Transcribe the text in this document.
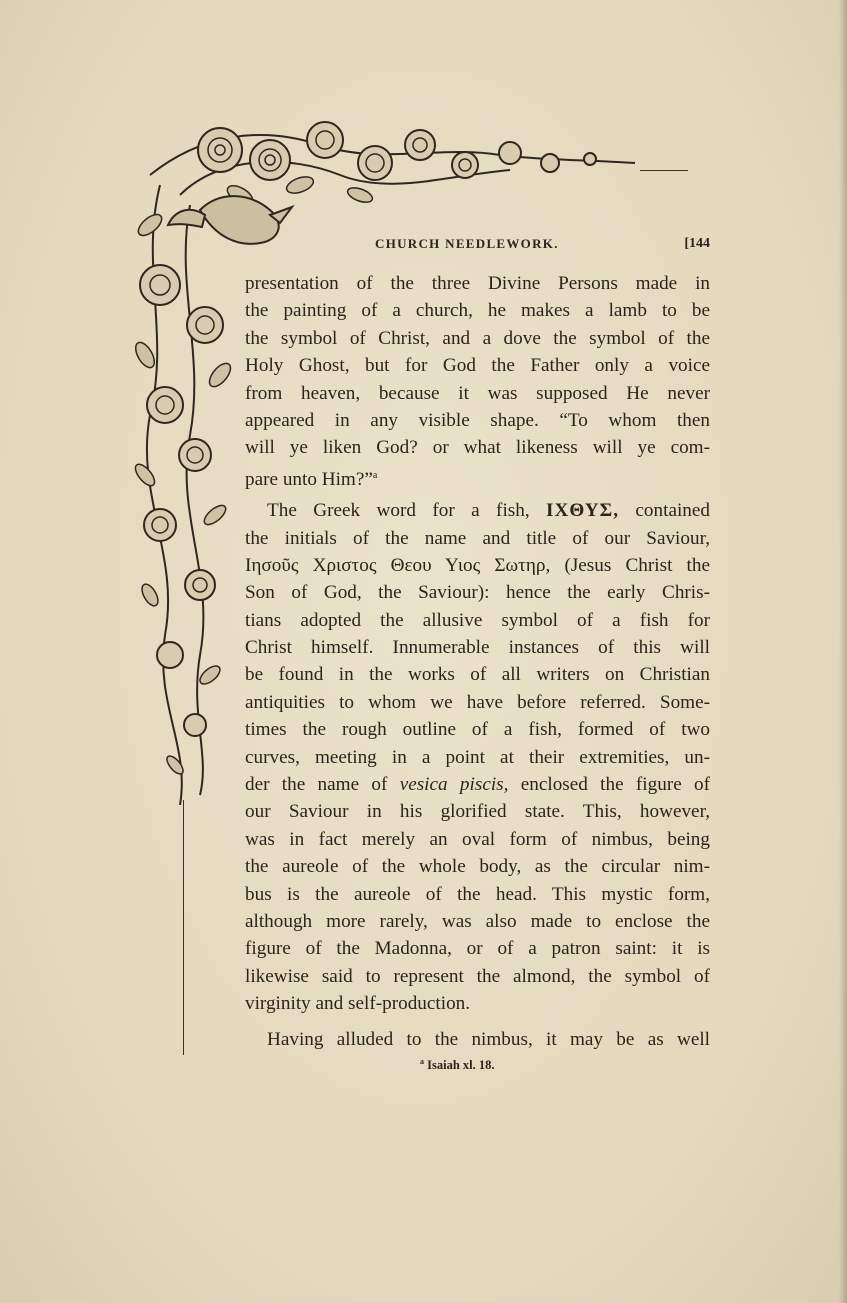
CHURCH NEEDLEWORK.	[144
presentation of the three Divine Persons made in
the painting of a church, he makes a lamb to be
the symbol of Christ, and a dove the symbol of the
Holy Ghost, but for God the Father only a voice
from heaven, because it was supposed He never
appeared in any visible shape. “To whom then
will ye liken God? or what likeness will ye com-
pare unto Him?”$^a$
The Greek word for a fish, ΙΧΘΥΣ, contained
the initials of the name and title of our Saviour,
Ιησοῦς Χριστος Θεου Υιος Σωτηρ, (Jesus Christ the
Son of God, the Saviour): hence the early Chris-
tians adopted the allusive symbol of a fish for
Christ himself. Innumerable instances of this will
be found in the works of all writers on Christian
antiquities to whom we have before referred. Some-
times the rough outline of a fish, formed of two
curves, meeting in a point at their extremities, un-
der the name of vesica piscis, enclosed the figure of
our Saviour in his glorified state. This, however,
was in fact merely an oval form of nimbus, being
the aureole of the whole body, as the circular nim-
bus is the aureole of the head. This mystic form,
although more rarely, was also made to enclose the
figure of the Madonna, or of a patron saint: it is
likewise said to represent the almond, the symbol of
virginity and self-production.
Having alluded to the nimbus, it may be as well
$^a$ Isaiah xl. 18.
